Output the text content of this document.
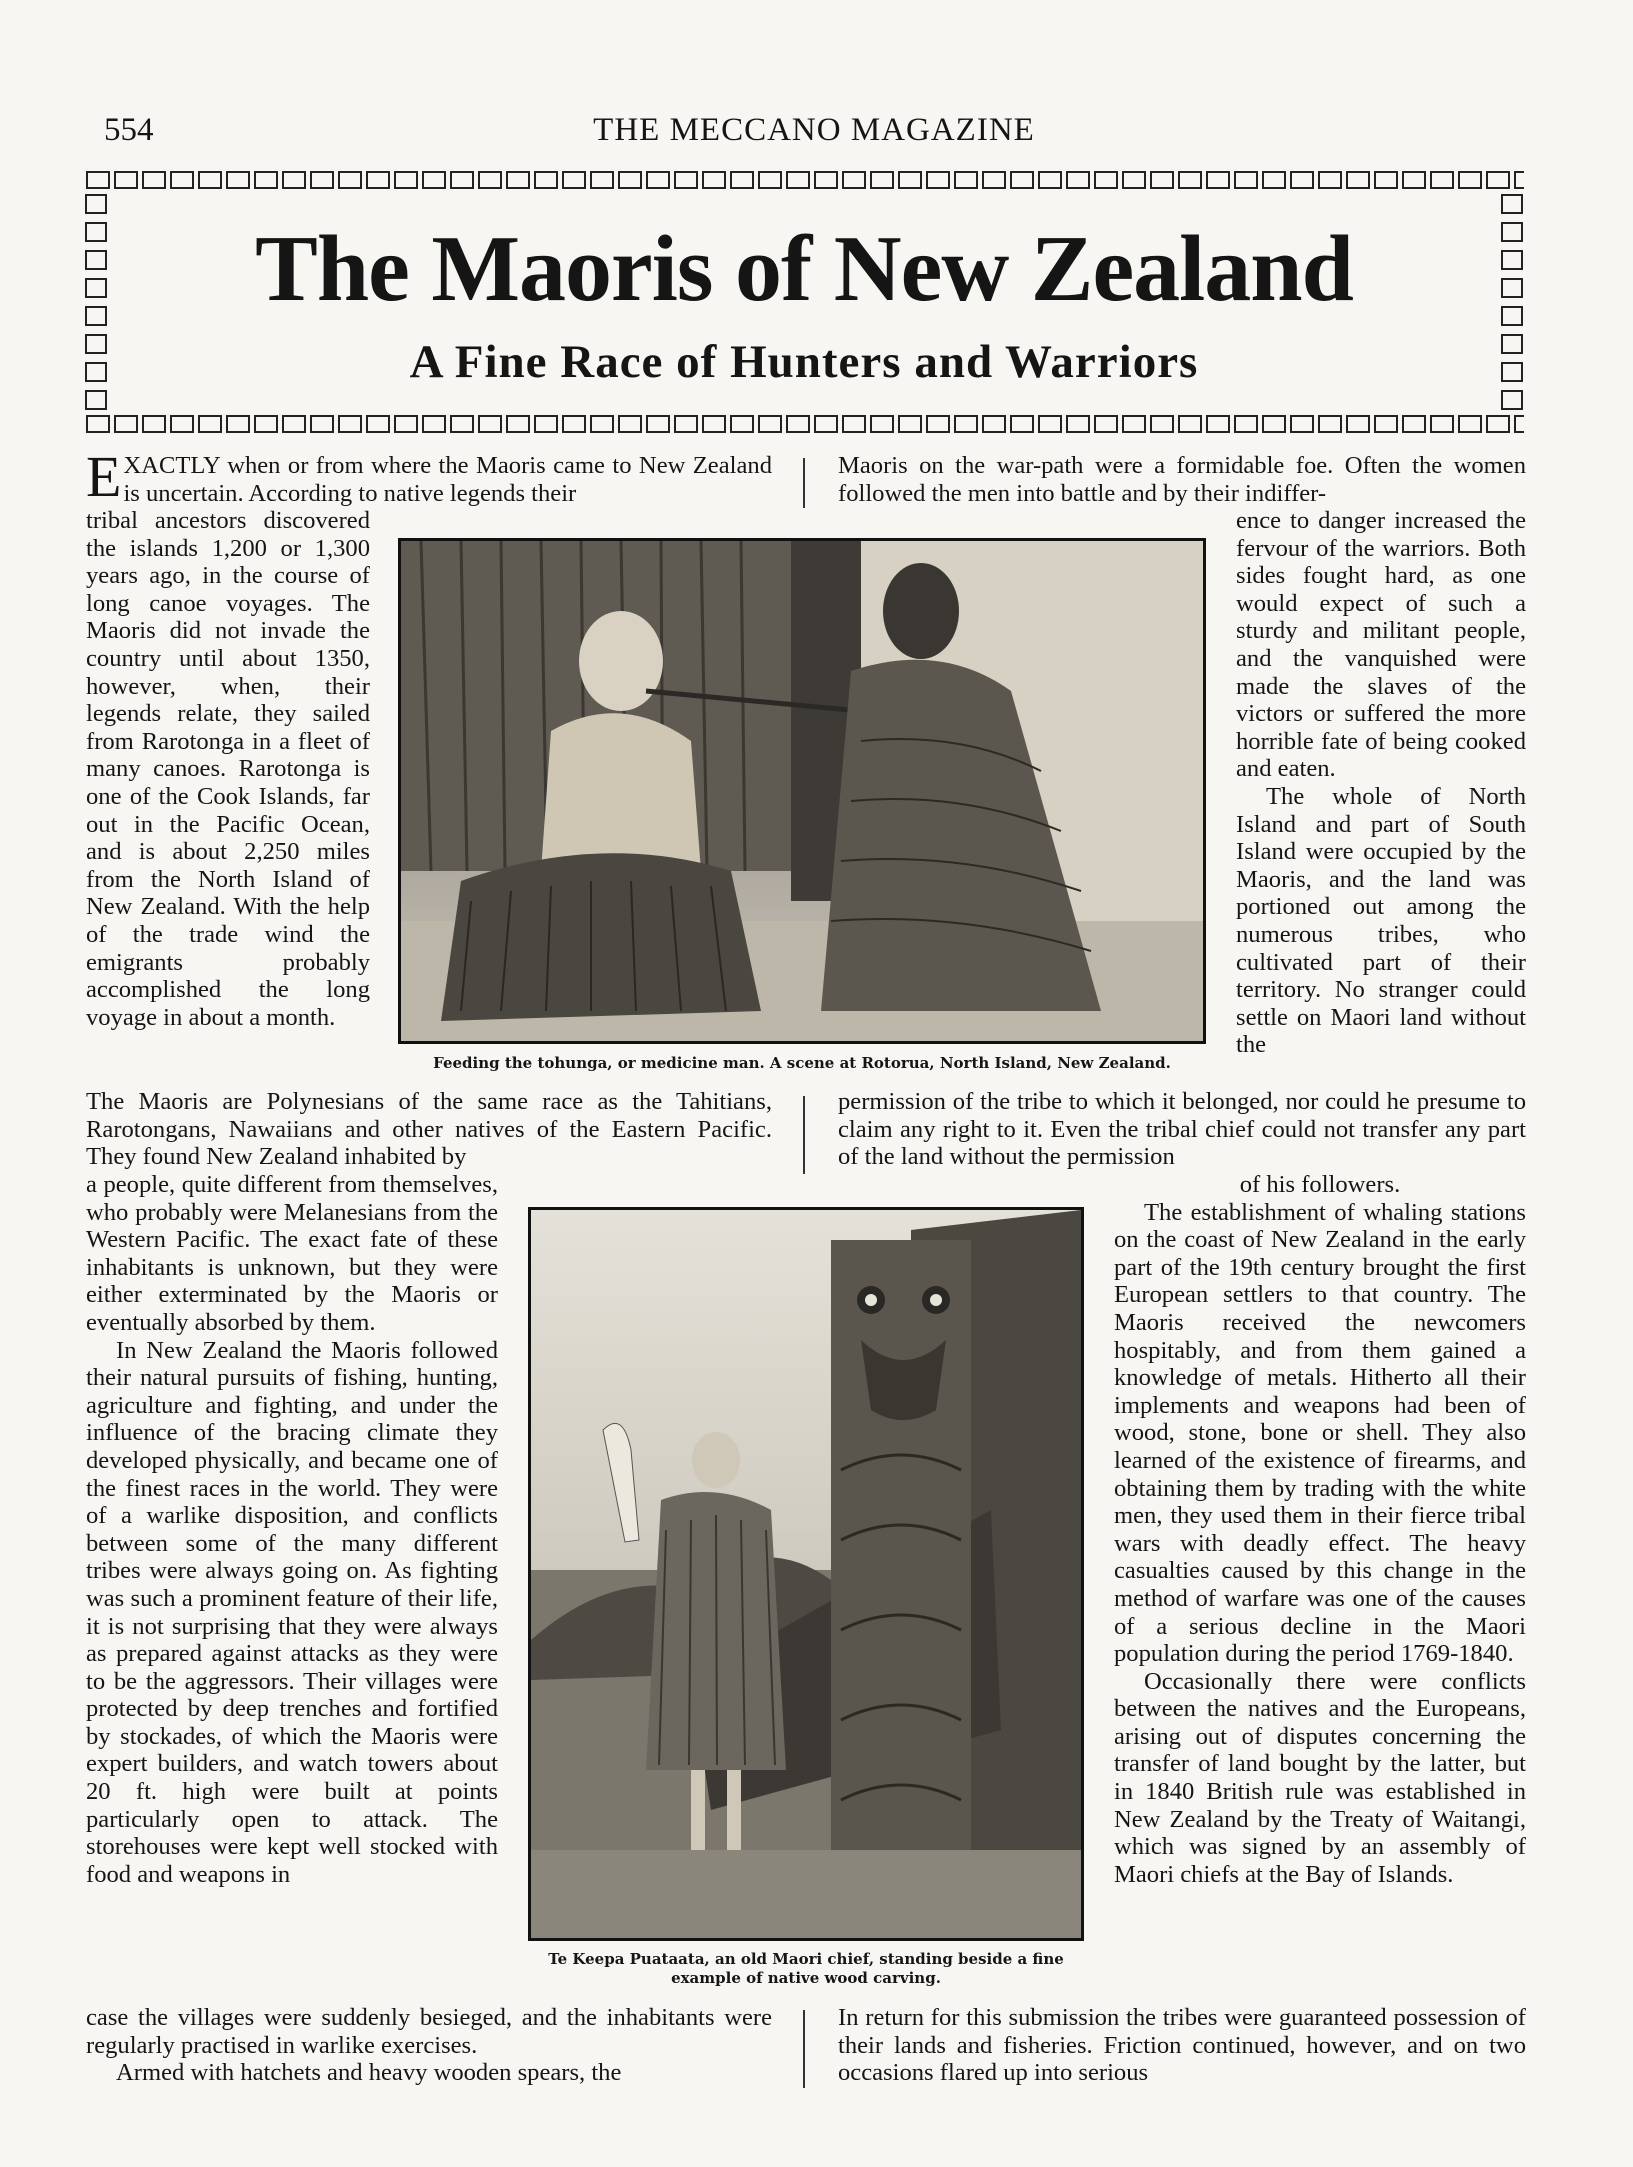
554	THE MECCANO MAGAZINE
The Maoris of New Zealand
A Fine Race of Hunters and Warriors
EXACTLY when or from where the Maoris came to New Zealand is uncertain. According to native legends their
Maoris on the war-path were a formidable foe. Often the women followed the men into battle and by their indiffer-
tribal ancestors discovered the islands 1,200 or 1,300 years ago, in the course of long canoe voyages. The Maoris did not invade the country until about 1350, however, when, their legends relate, they sailed from Rarotonga in a fleet of many canoes. Rarotonga is one of the Cook Islands, far out in the Pacific Ocean, and is about 2,250 miles from the North Island of New Zealand. With the help of the trade wind the emigrants probably accomplished the long voyage in about a month.
Feeding the tohunga, or medicine man. A scene at Rotorua, North Island, New Zealand.

ence to danger increased the fervour of the warriors. Both sides fought hard, as one would expect of such a sturdy and militant people, and the vanquished were made the slaves of the victors or suffered the more horrible fate of being cooked and eaten.

The whole of North Island and part of South Island were occupied by the Maoris, and the land was portioned out among the numerous tribes, who cultivated part of their territory. No stranger could settle on Maori land without the

The Maoris are Polynesians of the same race as the Tahitians, Rarotongans, Nawaiians and other natives of the Eastern Pacific. They found New Zealand inhabited by
permission of the tribe to which it belonged, nor could he presume to claim any right to it. Even the tribal chief could not transfer any part of the land without the permission

a people, quite different from themselves, who probably were Melanesians from the Western Pacific. The exact fate of these inhabitants is unknown, but they were either exterminated by the Maoris or eventually absorbed by them.

In New Zealand the Maoris followed their natural pursuits of fishing, hunting, agriculture and fighting, and under the influence of the bracing climate they developed physically, and became one of the finest races in the world. They were of a warlike disposition, and conflicts between some of the many different tribes were always going on. As fighting was such a prominent feature of their life, it is not surprising that they were always as prepared against attacks as they were to be the aggressors. Their villages were protected by deep trenches and fortified by stockades, of which the Maoris were expert builders, and watch towers about 20 ft. high were built at points particularly open to attack. The storehouses were kept well stocked with food and weapons in

Te Keepa Puataata, an old Maori chief, standing beside a fine example of native wood carving.

of his followers.

The establishment of whaling stations on the coast of New Zealand in the early part of the 19th century brought the first European settlers to that country. The Maoris received the newcomers hospitably, and from them gained a knowledge of metals. Hitherto all their implements and weapons had been of wood, stone, bone or shell. They also learned of the existence of firearms, and obtaining them by trading with the white men, they used them in their fierce tribal wars with deadly effect. The heavy casualties caused by this change in the method of warfare was one of the causes of a serious decline in the Maori population during the period 1769-1840.

Occasionally there were conflicts between the natives and the Europeans, arising out of disputes concerning the transfer of land bought by the latter, but in 1840 British rule was established in New Zealand by the Treaty of Waitangi, which was signed by an assembly of Maori chiefs at the Bay of Islands.

case the villages were suddenly besieged, and the inhabitants were regularly practised in warlike exercises.

Armed with hatchets and heavy wooden spears, the

In return for this submission the tribes were guaranteed possession of their lands and fisheries. Friction continued, however, and on two occasions flared up into serious
